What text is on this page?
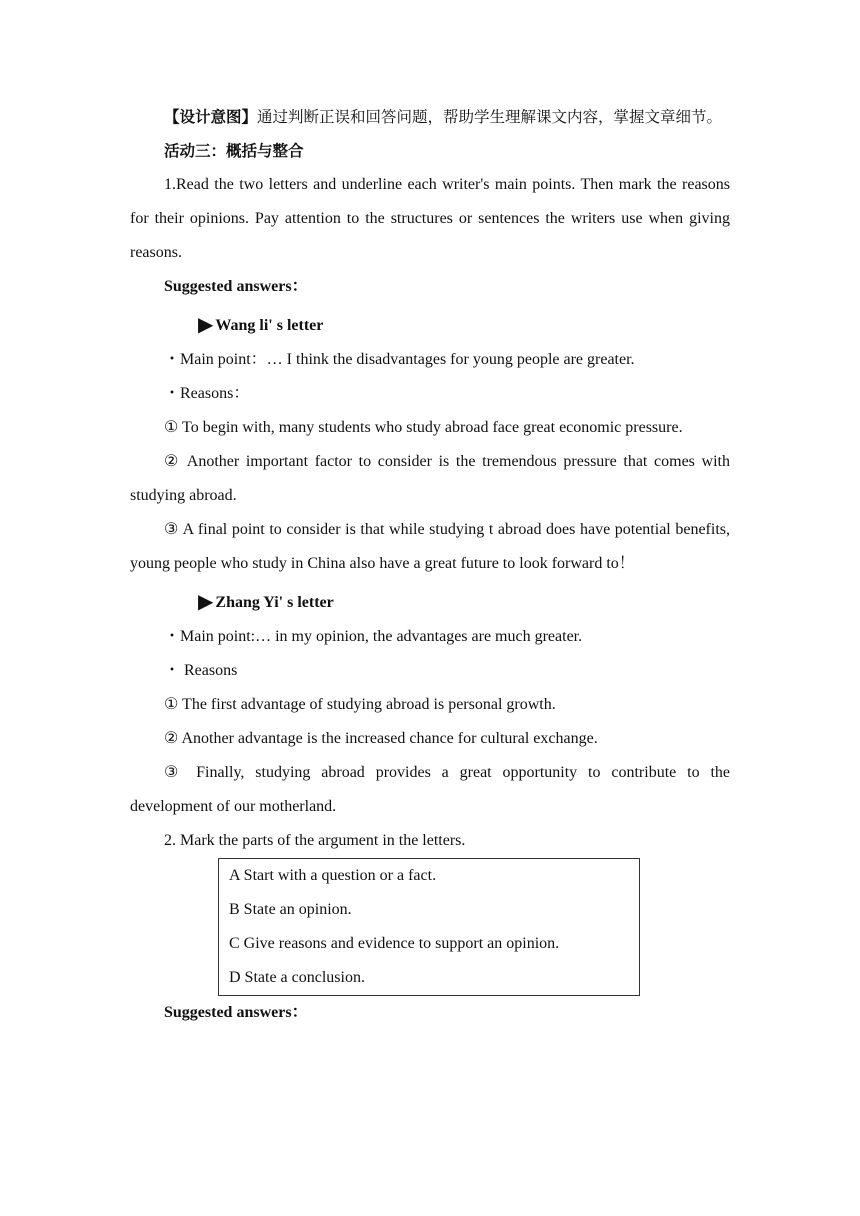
【设计意图】通过判断正误和回答问题，帮助学生理解课文内容，掌握文章细节。

活动三：概括与整合

1.Read the two letters and underline each writer's main points. Then mark the reasons for their opinions. Pay attention to the structures or sentences the writers use when giving reasons.

Suggested answers：

▶ Wang li' s letter

・Main point：… I think the disadvantages for young people are greater.

・Reasons：

① To begin with, many students who study abroad face great economic pressure.

② Another important factor to consider is the tremendous pressure that comes with studying abroad.

③ A final point to consider is that while studying t abroad does have potential benefits, young people who study in China also have a great future to look forward to！

▶ Zhang Yi' s letter

・Main point:… in my opinion, the advantages are much greater.

・ Reasons

① The first advantage of studying abroad is personal growth.

② Another advantage is the increased chance for cultural exchange.

③ Finally, studying abroad provides a great opportunity to contribute to the development of our motherland.

2. Mark the parts of the argument in the letters.

A Start with a question or a fact.

B State an opinion.

C Give reasons and evidence to support an opinion.

D State a conclusion.

Suggested answers：
